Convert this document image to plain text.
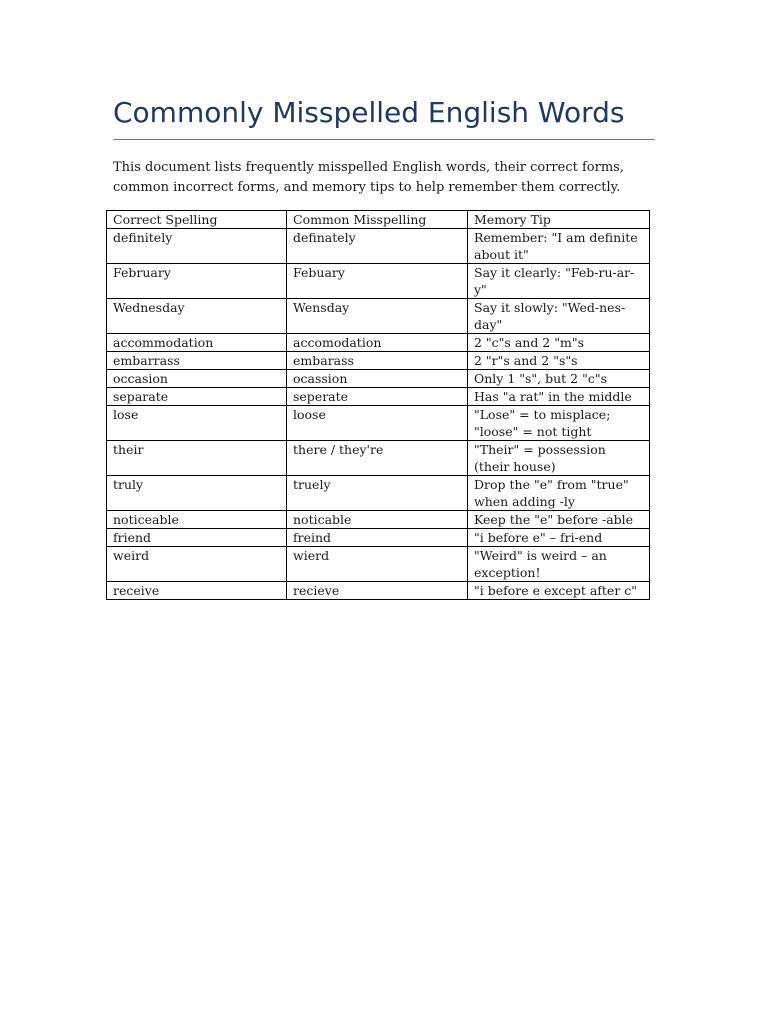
Commonly Misspelled English Words

This document lists frequently misspelled English words, their correct forms, common incorrect forms, and memory tips to help remember them correctly.

Correct Spelling	Common Misspelling	Memory Tip
definitely	definately	Remember: "I am definite about it"
February	Febuary	Say it clearly: "Feb-ru-ar-y"
Wednesday	Wensday	Say it slowly: "Wed-nes-day"
accommodation	accomodation	2 "c"s and 2 "m"s
embarrass	embarass	2 "r"s and 2 "s"s
occasion	ocassion	Only 1 "s", but 2 "c"s
separate	seperate	Has "a rat" in the middle
lose	loose	"Lose" = to misplace; "loose" = not tight
their	there / they're	"Their" = possession (their house)
truly	truely	Drop the "e" from "true" when adding -ly
noticeable	noticable	Keep the "e" before -able
friend	freind	"i before e" – fri-end
weird	wierd	"Weird" is weird – an exception!
receive	recieve	"i before e except after c"
